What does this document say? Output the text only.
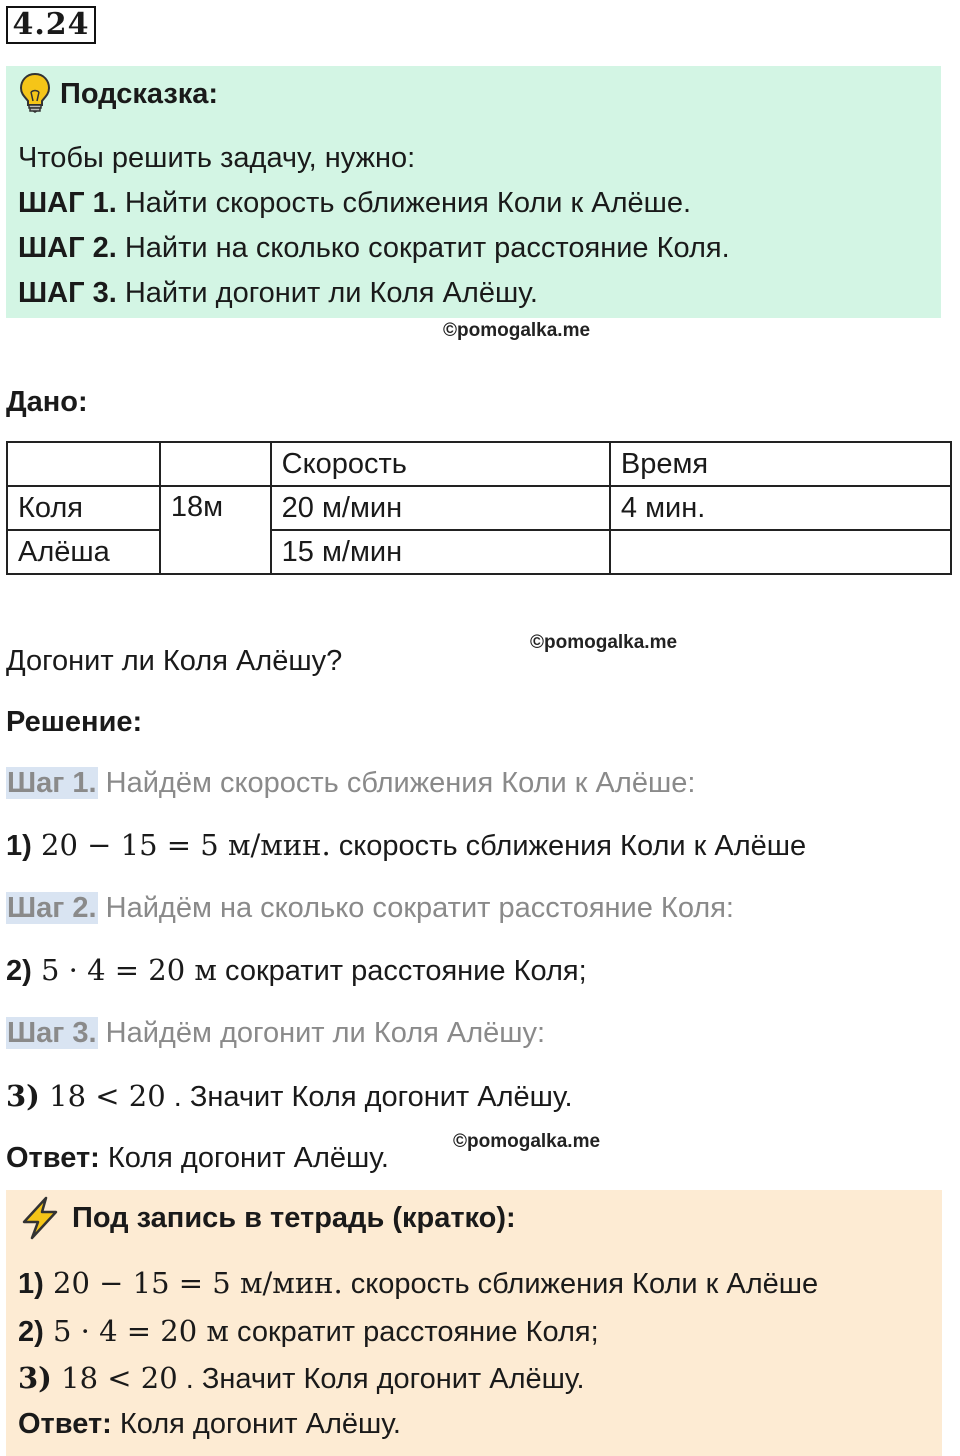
4.24
Подсказка:
Чтобы решить задачу, нужно:
ШАГ 1. Найти скорость сближения Коли к Алёше.
ШАГ 2. Найти на сколько сократит расстояние Коля.
ШАГ 3. Найти догонит ли Коля Алёшу.
©pomogalka.me
Дано:
		Скорость	Время
Коля	18м	20 м/мин	4 мин.
Алёша		15 м/мин	
©pomogalka.me
Догонит ли Коля Алёшу?
Решение:
Шаг 1. Найдём скорость сближения Коли к Алёше:
1) 20 − 15 = 5 м/мин. скорость сближения Коли к Алёше
Шаг 2. Найдём на сколько сократит расстояние Коля:
2) 5 · 4 = 20 м сократит расстояние Коля;
Шаг 3. Найдём догонит ли Коля Алёшу:
3) 18 < 20 . Значит Коля догонит Алёшу.
©pomogalka.me
Ответ: Коля догонит Алёшу.
Под запись в тетрадь (кратко):
1) 20 − 15 = 5 м/мин. скорость сближения Коли к Алёше
2) 5 · 4 = 20 м сократит расстояние Коля;
3) 18 < 20 . Значит Коля догонит Алёшу.
Ответ: Коля догонит Алёшу.
